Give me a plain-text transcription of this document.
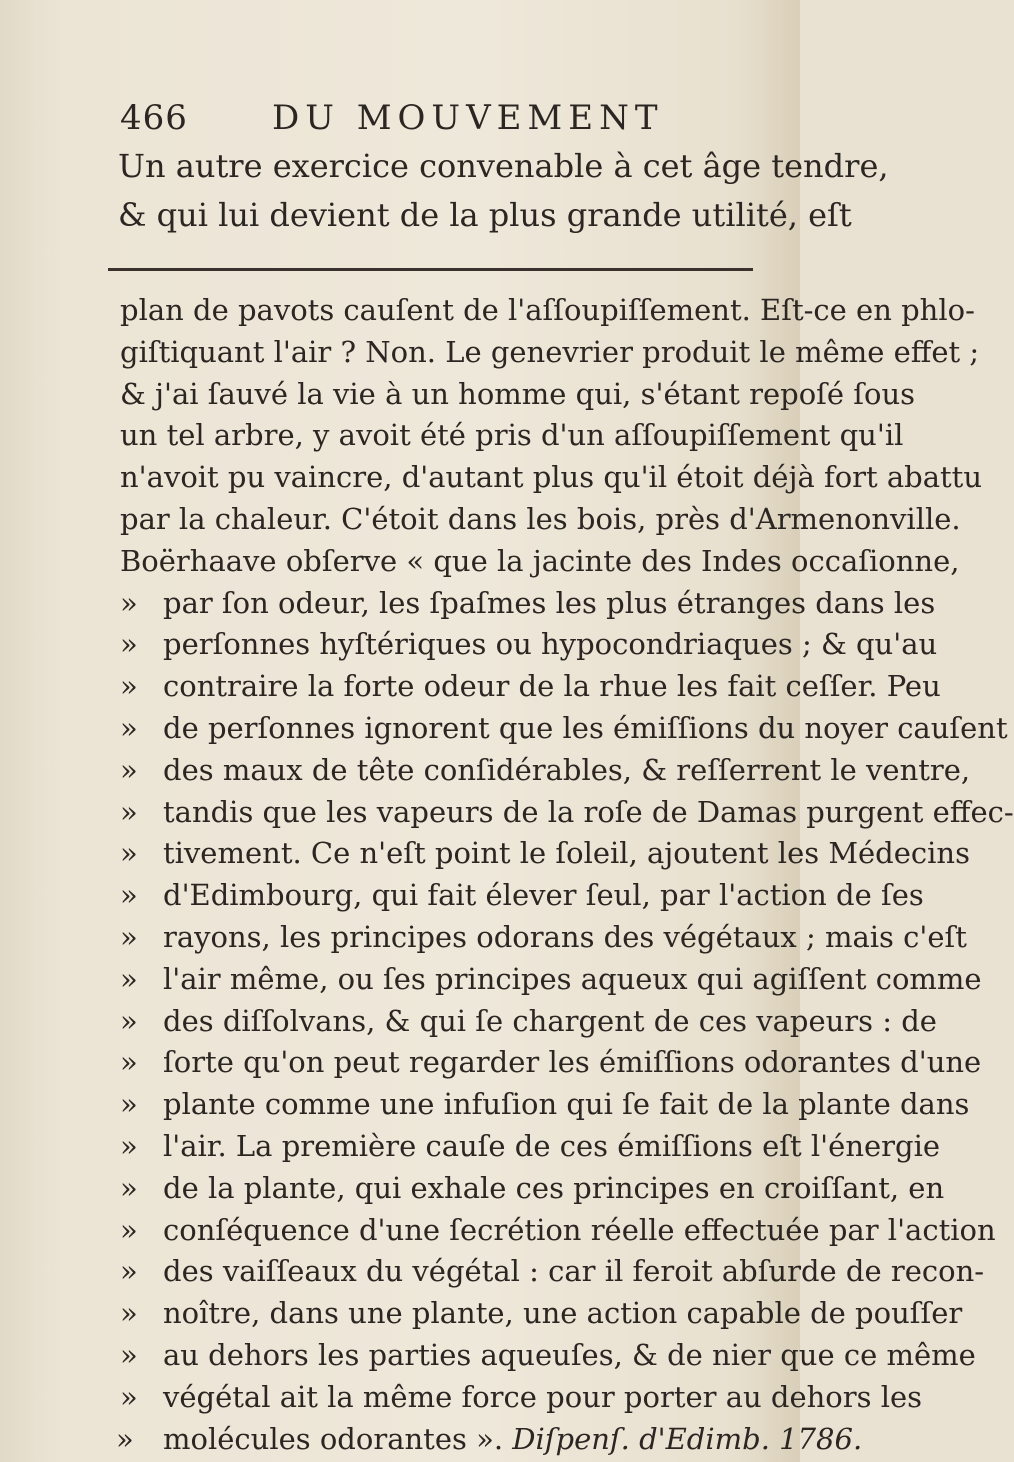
466 DU MOUVEMENT
Un autre exercice convenable à cet âge tendre,
& qui lui devient de la plus grande utilité, eſt
plan de pavots cauſent de l'aſſoupiſſement. Eſt-ce en phlo-
giſtiquant l'air ? Non. Le genevrier produit le même effet ;
& j'ai ſauvé la vie à un homme qui, s'étant repoſé ſous
un tel arbre, y avoit été pris d'un aſſoupiſſement qu'il
n'avoit pu vaincre, d'autant plus qu'il étoit déjà fort abattu
par la chaleur. C'étoit dans les bois, près d'Armenonville.
Boërhaave obſerve « que la jacinte des Indes occaſionne,
» par ſon odeur, les ſpaſmes les plus étranges dans les
» perſonnes hyſtériques ou hypocondriaques ; & qu'au
» contraire la forte odeur de la rhue les fait ceſſer. Peu
» de perſonnes ignorent que les émiſſions du noyer cauſent
» des maux de tête conſidérables, & reſſerrent le ventre,
» tandis que les vapeurs de la roſe de Damas purgent effec-
» tivement. Ce n'eſt point le ſoleil, ajoutent les Médecins
» d'Edimbourg, qui fait élever ſeul, par l'action de ſes
» rayons, les principes odorans des végétaux ; mais c'eſt
» l'air même, ou ſes principes aqueux qui agiſſent comme
» des diſſolvans, & qui ſe chargent de ces vapeurs : de
» ſorte qu'on peut regarder les émiſſions odorantes d'une
» plante comme une infuſion qui ſe fait de la plante dans
» l'air. La première cauſe de ces émiſſions eſt l'énergie
» de la plante, qui exhale ces principes en croiſſant, en
» conſéquence d'une ſecrétion réelle effectuée par l'action
» des vaiſſeaux du végétal : car il feroit abſurde de recon-
» noître, dans une plante, une action capable de pouſſer
» au dehors les parties aqueuſes, & de nier que ce même
» végétal ait la même force pour porter au dehors les
»	molécules odorantes ». Diſpenſ. d'Edimb. 1786.
